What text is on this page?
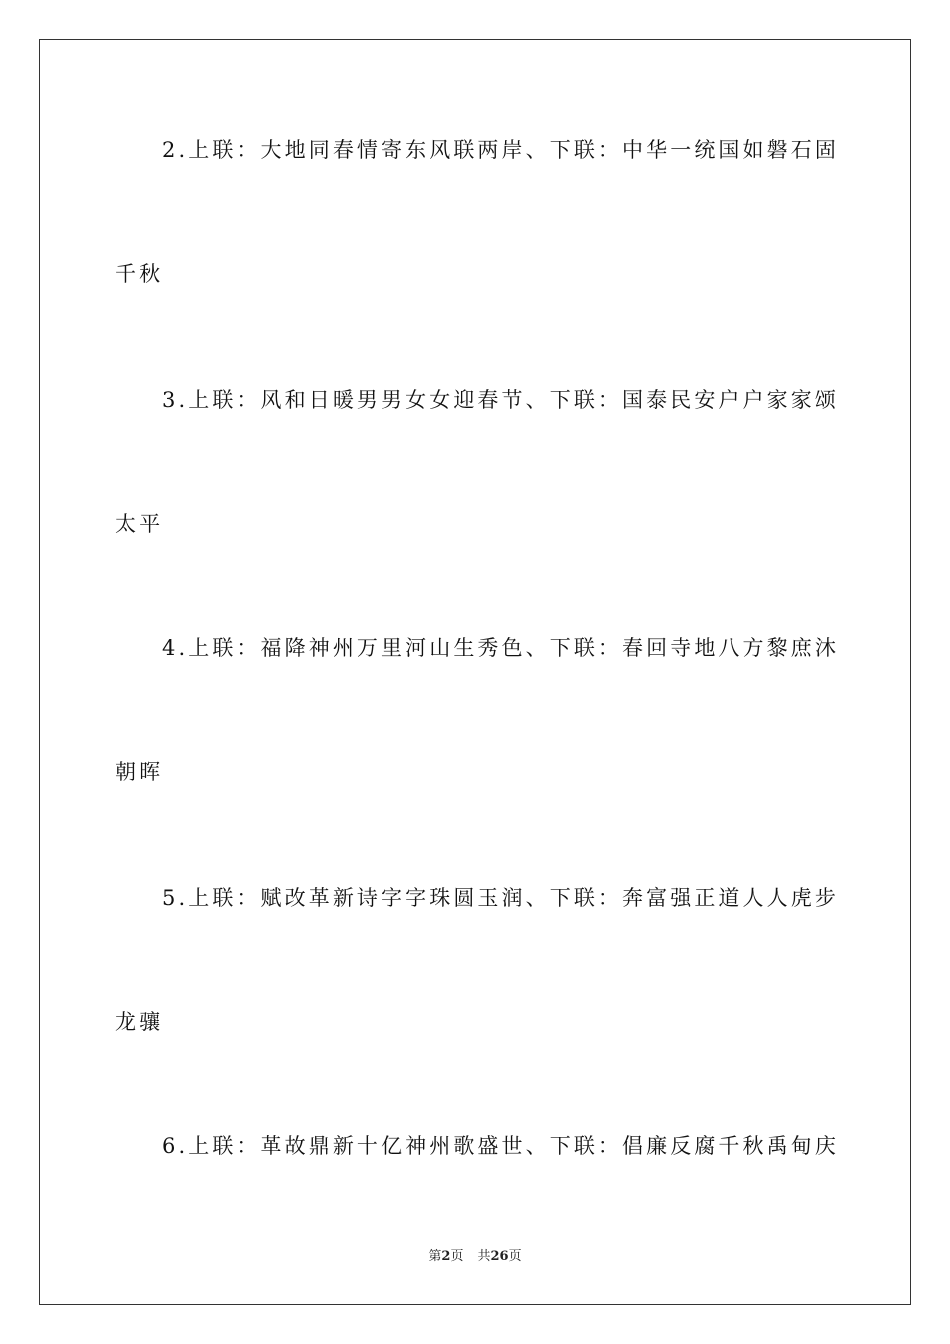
2.上联：大地同春情寄东风联两岸、下联：中华一统国如磐石固
千秋
3.上联：风和日暖男男女女迎春节、下联：国泰民安户户家家颂
太平
4.上联：福降神州万里河山生秀色、下联：春回寺地八方黎庶沐
朝晖
5.上联：赋改革新诗字字珠圆玉润、下联：奔富强正道人人虎步
龙骧
6.上联：革故鼎新十亿神州歌盛世、下联：倡廉反腐千秋禹甸庆
第2页 共26页
